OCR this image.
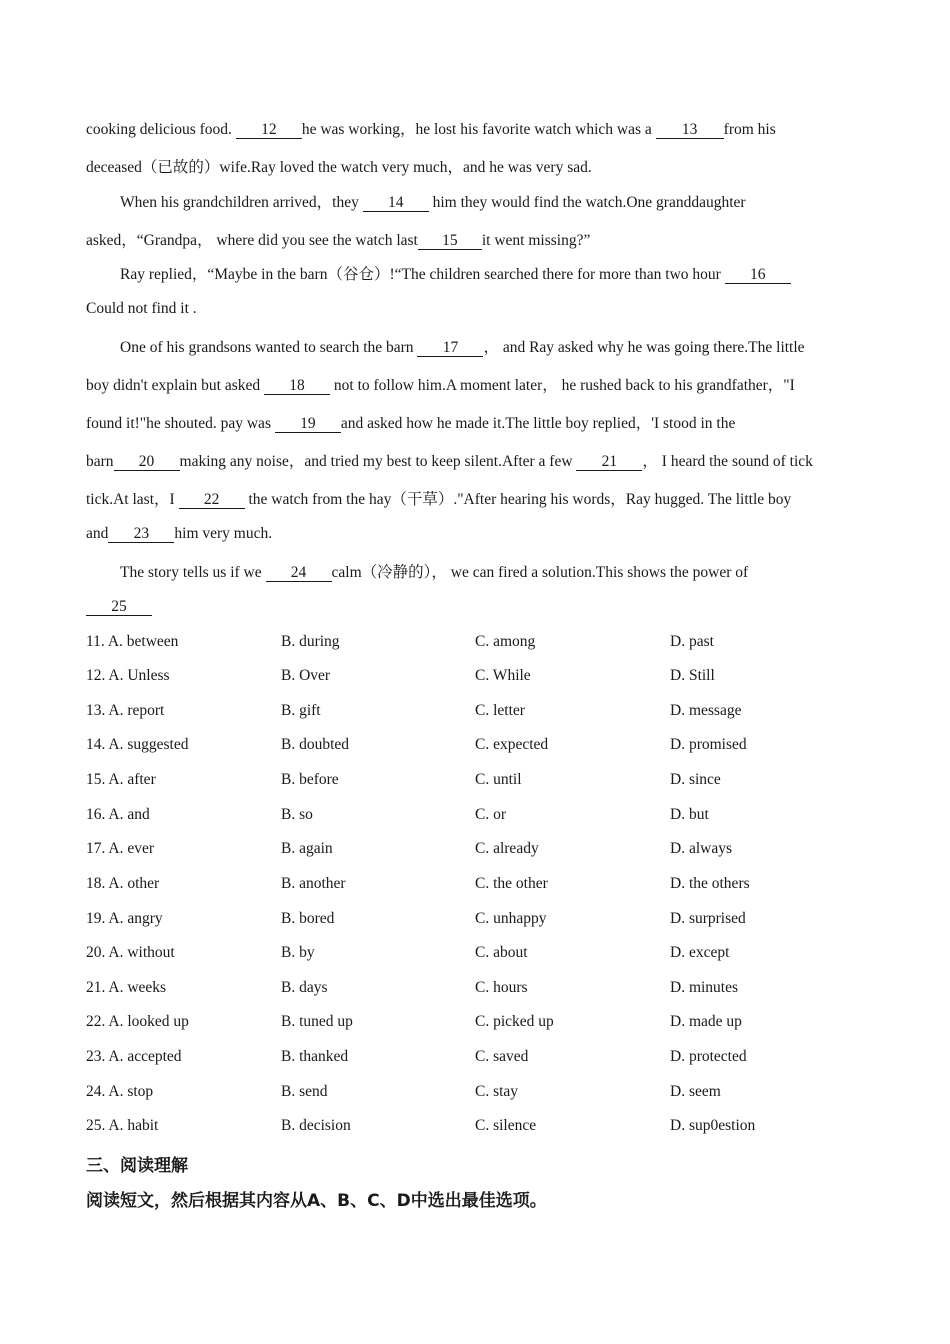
cooking delicious food. 12 he was working，he lost his favorite watch which was a 13 from his
deceased（已故的）wife.Ray loved the watch very much，and he was very sad.
When his grandchildren arrived，they 14 him they would find the watch.One granddaughter
asked，“Grandpa， where did you see the watch last 15 it went missing?”
Ray replied，“Maybe in the barn（谷仓）!“The children searched there for more than two hour 16
Could not find it .
One of his grandsons wanted to search the barn 17 ， and Ray asked why he was going there.The little
boy didn't explain but asked 18 not to follow him.A moment later， he rushed back to his grandfather，"I
found it!"he shouted. pay was 19 and asked how he made it.The little boy replied，'I stood in the
barn 20 making any noise，and tried my best to keep silent.After a few 21 ， I heard the sound of tick
tick.At last，I 22 the watch from the hay（干草）."After hearing his words，Ray hugged. The little boy
and 23 him very much.
The story tells us if we 24 calm（冷静的）， we can fired a solution.This shows the power of
25
11. A. between	B. during	C. among	D. past
12. A. Unless	B. Over	C. While	D. Still
13. A. report	B. gift	C. letter	D. message
14. A. suggested	B. doubted	C. expected	D. promised
15. A. after	B. before	C. until	D. since
16. A. and	B. so	C. or	D. but
17. A. ever	B. again	C. already	D. always
18. A. other	B. another	C. the other	D. the others
19. A. angry	B. bored	C. unhappy	D. surprised
20. A. without	B. by	C. about	D. except
21. A. weeks	B. days	C. hours	D. minutes
22. A. looked up	B. tuned up	C. picked up	D. made up
23. A. accepted	B. thanked	C. saved	D. protected
24. A. stop	B. send	C. stay	D. seem
25. A. habit	B. decision	C. silence	D. sup0estion
三、阅读理解
阅读短文，然后根据其内容从A、B、C、D中选出最佳选项。
